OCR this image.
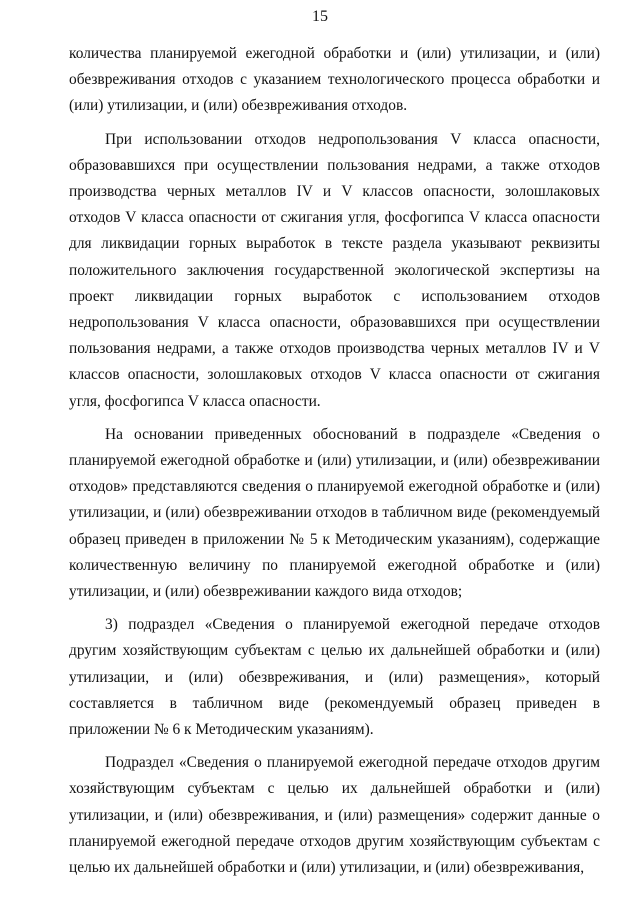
15

количества планируемой ежегодной обработки и (или) утилизации, и (или) обезвреживания отходов с указанием технологического процесса обработки и (или) утилизации, и (или) обезвреживания отходов.

При использовании отходов недропользования V класса опасности, образовавшихся при осуществлении пользования недрами, а также отходов производства черных металлов IV и V классов опасности, золошлаковых отходов V класса опасности от сжигания угля, фосфогипса V класса опасности для ликвидации горных выработок в тексте раздела указывают реквизиты положительного заключения государственной экологической экспертизы на проект ликвидации горных выработок с использованием отходов недропользования V класса опасности, образовавшихся при осуществлении пользования недрами, а также отходов производства черных металлов IV и V классов опасности, золошлаковых отходов V класса опасности от сжигания угля, фосфогипса V класса опасности.

На основании приведенных обоснований в подразделе «Сведения о планируемой ежегодной обработке и (или) утилизации, и (или) обезвреживании отходов» представляются сведения о планируемой ежегодной обработке и (или) утилизации, и (или) обезвреживании отходов в табличном виде (рекомендуемый образец приведен в приложении № 5 к Методическим указаниям), содержащие количественную величину по планируемой ежегодной обработке и (или) утилизации, и (или) обезвреживании каждого вида отходов;

3) подраздел «Сведения о планируемой ежегодной передаче отходов другим хозяйствующим субъектам с целью их дальнейшей обработки и (или) утилизации, и (или) обезвреживания, и (или) размещения», который составляется в табличном виде (рекомендуемый образец приведен в приложении № 6 к Методическим указаниям).

Подраздел «Сведения о планируемой ежегодной передаче отходов другим хозяйствующим субъектам с целью их дальнейшей обработки и (или) утилизации, и (или) обезвреживания, и (или) размещения» содержит данные о планируемой ежегодной передаче отходов другим хозяйствующим субъектам с целью их дальнейшей обработки и (или) утилизации, и (или) обезвреживания,
